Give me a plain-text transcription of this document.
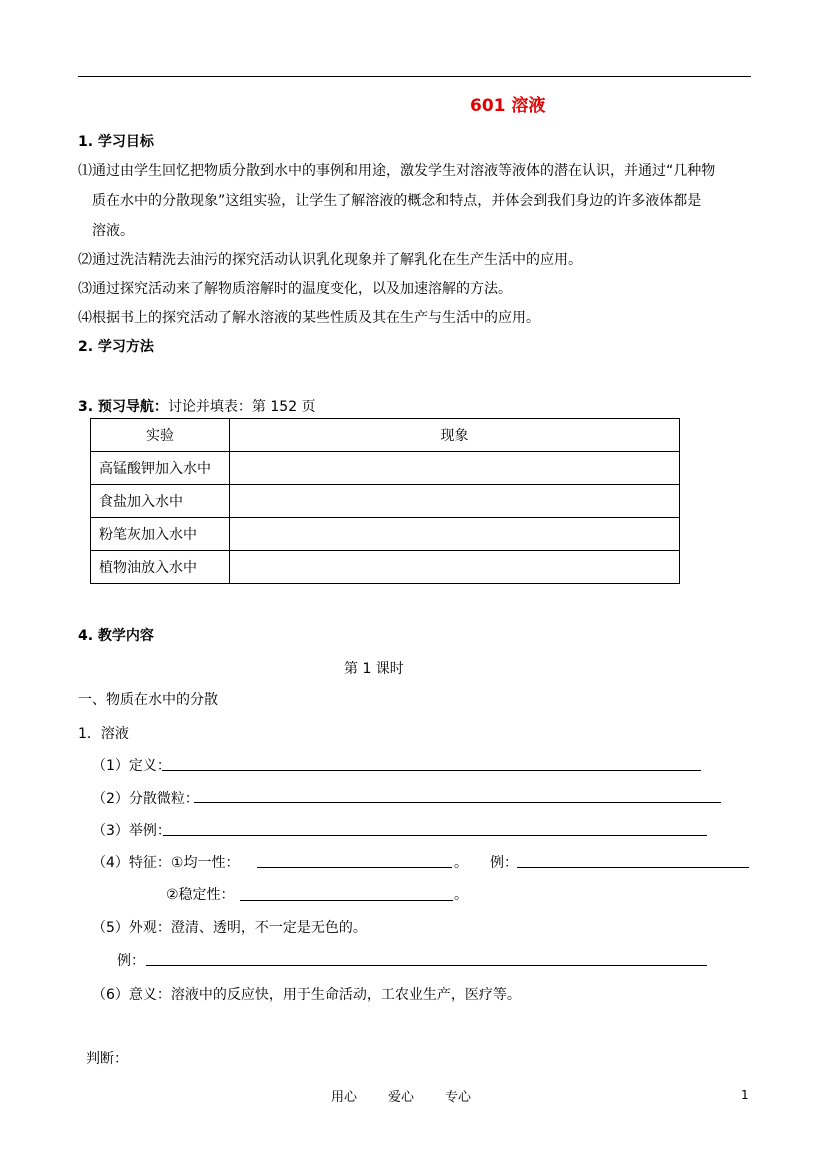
601 溶液
1. 学习目标
⑴通过由学生回忆把物质分散到水中的事例和用途，激发学生对溶液等液体的潜在认识，并通过“几种物
质在水中的分散现象”这组实验，让学生了解溶液的概念和特点，并体会到我们身边的许多液体都是
溶液。
⑵通过洗洁精洗去油污的探究活动认识乳化现象并了解乳化在生产生活中的应用。
⑶通过探究活动来了解物质溶解时的温度变化，以及加速溶解的方法。
⑷根据书上的探究活动了解水溶液的某些性质及其在生产与生活中的应用。
2. 学习方法
3. 预习导航：讨论并填表：第 152 页
实验	现象
高锰酸钾加入水中	
食盐加入水中	
粉笔灰加入水中	
植物油放入水中	
4. 教学内容
第 1 课时
一、物质在水中的分散
1．溶液
（1）定义：
（2）分散微粒：
（3）举例：
（4）特征：①均一性：	。 例：
②稳定性：	。
（5）外观：澄清、透明，不一定是无色的。
例：
（6）意义：溶液中的反应快，用于生命活动，工农业生产，医疗等。
判断：
用心 爱心 专心	1
